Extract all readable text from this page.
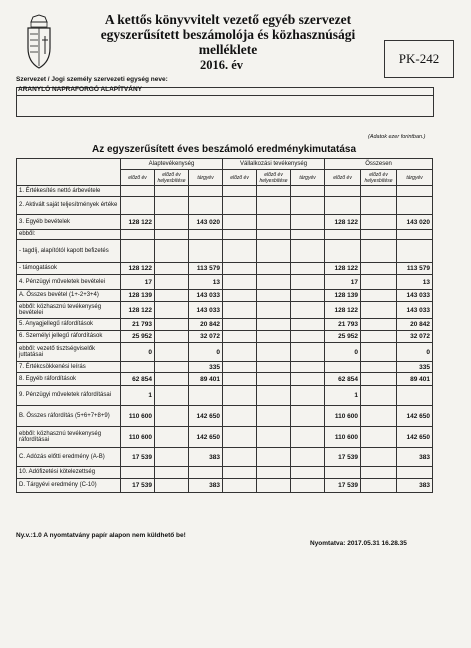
A kettős könyvvitelt vezető egyéb szervezet
egyszerűsített beszámolója és közhasznúsági melléklete
2016. év	PK-242
Szervezet / Jogi személy szervezeti egység neve:
ARANYLÓ NAPRAFORGÓ ALAPÍTVÁNY
Az egyszerűsített éves beszámoló eredménykimutatása
(Adatok ezer forintban.)
	Alaptevékenység			Vállalkozási tevékenység			Összesen		
	előző év	előző év helyesbítése	tárgyév	előző év	előző év helyesbítése	tárgyév	előző év	előző év helyesbítése	tárgyév
1. Értékesítés nettó árbevétele									
2. Aktivált saját teljesítmények értéke									
3. Egyéb bevételek	128 122		143 020				128 122		143 020
ebből:									
- tagdíj, alapítótól kapott befizetés									
- támogatások	128 122		113 579				128 122		113 579
4. Pénzügyi műveletek bevételei	17		13				17		13
A. Összes bevétel (1+-2+3+4)	128 139		143 033				128 139		143 033
ebből: közhasznú tevékenység bevételei	128 122		143 033				128 122		143 033
5. Anyagjellegű ráfordítások	21 793		20 842				21 793		20 842
6. Személyi jellegű ráfordítások	25 952		32 072				25 952		32 072
ebből: vezető tisztségviselők juttatásai	0		0				0		0
7. Értékcsökkenési leírás			335						335
8. Egyéb ráfordítások	62 854		89 401				62 854		89 401
9. Pénzügyi műveletek ráfordításai	1						1		
B. Összes ráfordítás (5+6+7+8+9)	110 600		142 650				110 600		142 650
ebből: közhasznú tevékenység ráfordításai	110 600		142 650				110 600		142 650
C. Adózás előtti eredmény (A-B)	17 539		383				17 539		383
10. Adófizetési kötelezettség									
D. Tárgyévi eredmény (C-10)	17 539		383				17 539		383
Ny.v.:1.0 A nyomtatvány papír alapon nem küldhető be!
Nyomtatva: 2017.05.31 16.28.35
